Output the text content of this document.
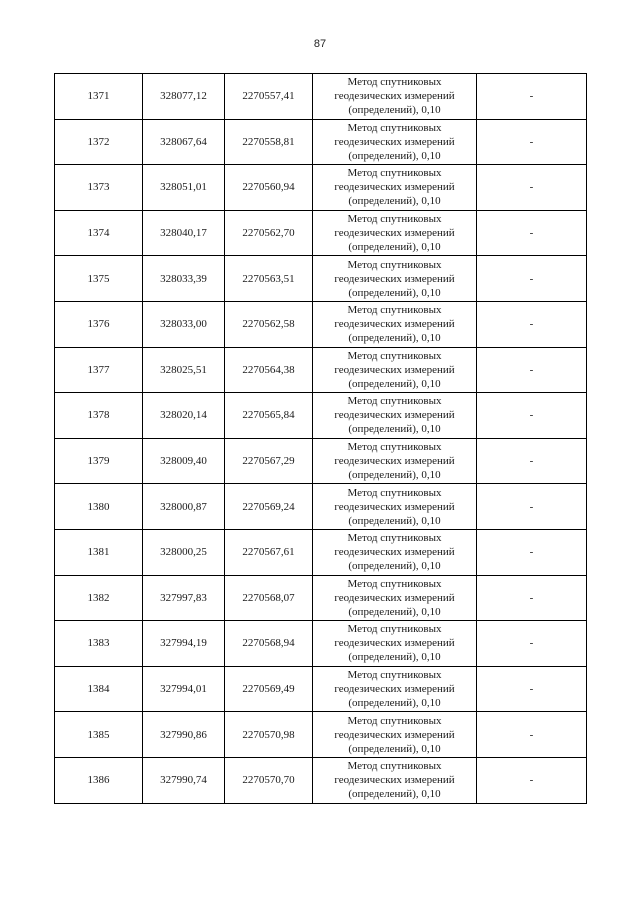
87
1371	328077,12	2270557,41	Метод спутниковых
геодезических измерений
(определений), 0,10	-
1372	328067,64	2270558,81	Метод спутниковых
геодезических измерений
(определений), 0,10	-
1373	328051,01	2270560,94	Метод спутниковых
геодезических измерений
(определений), 0,10	-
1374	328040,17	2270562,70	Метод спутниковых
геодезических измерений
(определений), 0,10	-
1375	328033,39	2270563,51	Метод спутниковых
геодезических измерений
(определений), 0,10	-
1376	328033,00	2270562,58	Метод спутниковых
геодезических измерений
(определений), 0,10	-
1377	328025,51	2270564,38	Метод спутниковых
геодезических измерений
(определений), 0,10	-
1378	328020,14	2270565,84	Метод спутниковых
геодезических измерений
(определений), 0,10	-
1379	328009,40	2270567,29	Метод спутниковых
геодезических измерений
(определений), 0,10	-
1380	328000,87	2270569,24	Метод спутниковых
геодезических измерений
(определений), 0,10	-
1381	328000,25	2270567,61	Метод спутниковых
геодезических измерений
(определений), 0,10	-
1382	327997,83	2270568,07	Метод спутниковых
геодезических измерений
(определений), 0,10	-
1383	327994,19	2270568,94	Метод спутниковых
геодезических измерений
(определений), 0,10	-
1384	327994,01	2270569,49	Метод спутниковых
геодезических измерений
(определений), 0,10	-
1385	327990,86	2270570,98	Метод спутниковых
геодезических измерений
(определений), 0,10	-
1386	327990,74	2270570,70	Метод спутниковых
геодезических измерений
(определений), 0,10	-
